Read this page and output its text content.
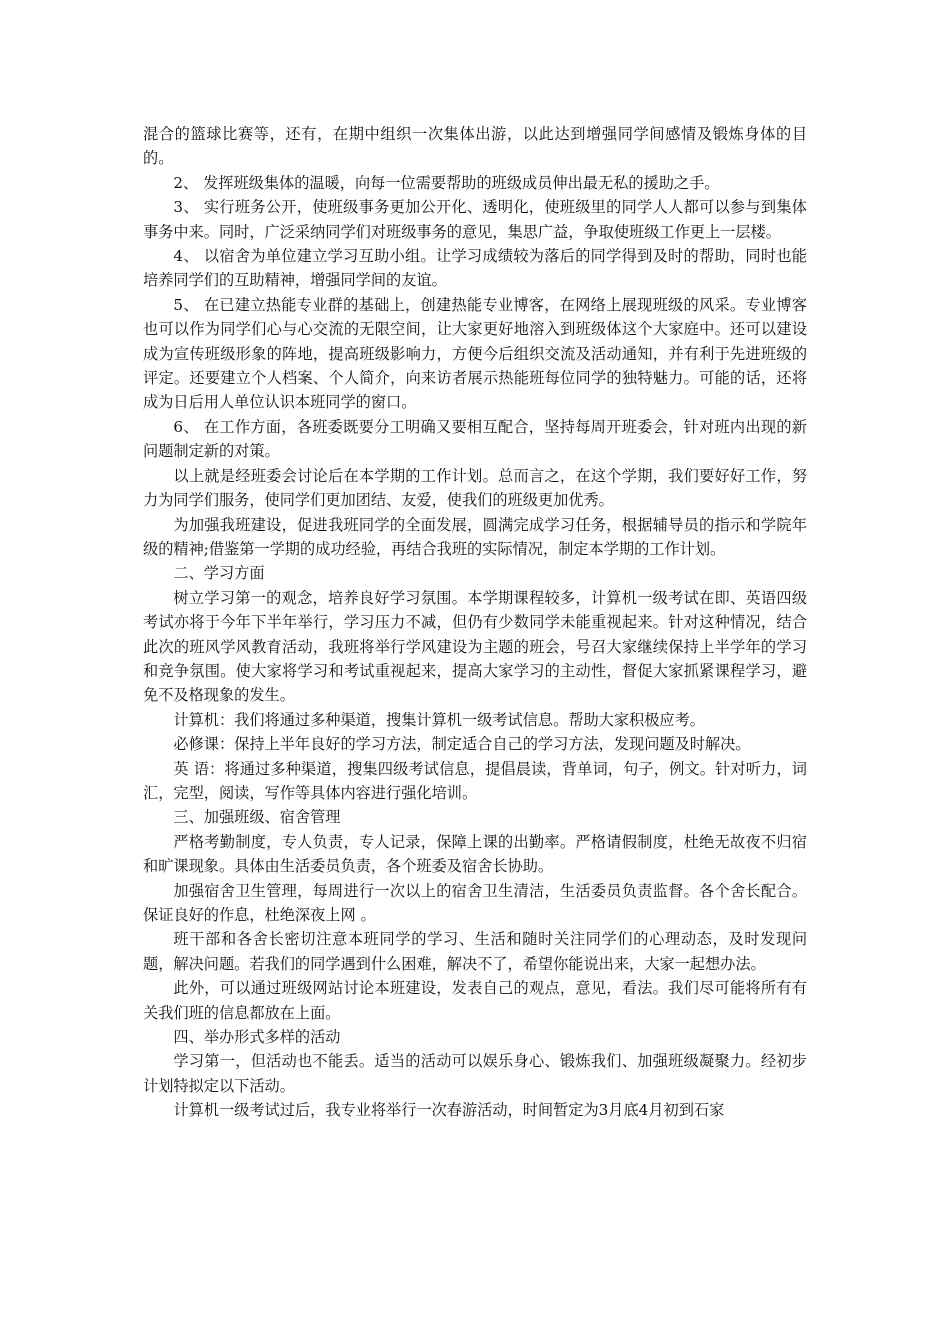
混合的篮球比赛等，还有，在期中组织一次集体出游，以此达到增强同学间感情及锻炼身体的目的。

2、 发挥班级集体的温暖，向每一位需要帮助的班级成员伸出最无私的援助之手。

3、 实行班务公开，使班级事务更加公开化、透明化，使班级里的同学人人都可以参与到集体事务中来。同时，广泛采纳同学们对班级事务的意见，集思广益，争取使班级工作更上一层楼。

4、 以宿舍为单位建立学习互助小组。让学习成绩较为落后的同学得到及时的帮助，同时也能培养同学们的互助精神，增强同学间的友谊。

5、 在已建立热能专业群的基础上，创建热能专业博客，在网络上展现班级的风采。专业博客也可以作为同学们心与心交流的无限空间，让大家更好地溶入到班级体这个大家庭中。还可以建设成为宣传班级形象的阵地，提高班级影响力，方便今后组织交流及活动通知，并有利于先进班级的评定。还要建立个人档案、个人简介，向来访者展示热能班每位同学的独特魅力。可能的话，还将成为日后用人单位认识本班同学的窗口。

6、 在工作方面，各班委既要分工明确又要相互配合，坚持每周开班委会，针对班内出现的新问题制定新的对策。

以上就是经班委会讨论后在本学期的工作计划。总而言之，在这个学期，我们要好好工作，努力为同学们服务，使同学们更加团结、友爱，使我们的班级更加优秀。

为加强我班建设，促进我班同学的全面发展，圆满完成学习任务，根据辅导员的指示和学院年级的精神;借鉴第一学期的成功经验，再结合我班的实际情况，制定本学期的工作计划。

二、学习方面

树立学习第一的观念，培养良好学习氛围。本学期课程较多，计算机一级考试在即、英语四级考试亦将于今年下半年举行，学习压力不减，但仍有少数同学未能重视起来。针对这种情况，结合此次的班风学风教育活动，我班将举行学风建设为主题的班会，号召大家继续保持上半学年的学习和竞争氛围。使大家将学习和考试重视起来，提高大家学习的主动性，督促大家抓紧课程学习，避免不及格现象的发生。

计算机：我们将通过多种渠道，搜集计算机一级考试信息。帮助大家积极应考。

必修课：保持上半年良好的学习方法，制定适合自己的学习方法，发现问题及时解决。

英 语：将通过多种渠道，搜集四级考试信息，提倡晨读，背单词，句子，例文。针对听力，词汇，完型，阅读，写作等具体内容进行强化培训。

三、加强班级、宿舍管理

严格考勤制度，专人负责，专人记录，保障上课的出勤率。严格请假制度，杜绝无故夜不归宿和旷课现象。具体由生活委员负责，各个班委及宿舍长协助。

加强宿舍卫生管理，每周进行一次以上的宿舍卫生清洁，生活委员负责监督。各个舍长配合。保证良好的作息，杜绝深夜上网 。

班干部和各舍长密切注意本班同学的学习、生活和随时关注同学们的心理动态，及时发现问题，解决问题。若我们的同学遇到什么困难，解决不了，希望你能说出来，大家一起想办法。

此外，可以通过班级网站讨论本班建设，发表自己的观点，意见，看法。我们尽可能将所有有关我们班的信息都放在上面。

四、举办形式多样的活动

学习第一，但活动也不能丢。适当的活动可以娱乐身心、锻炼我们、加强班级凝聚力。经初步计划特拟定以下活动。

计算机一级考试过后，我专业将举行一次春游活动，时间暂定为3月底4月初到石家
